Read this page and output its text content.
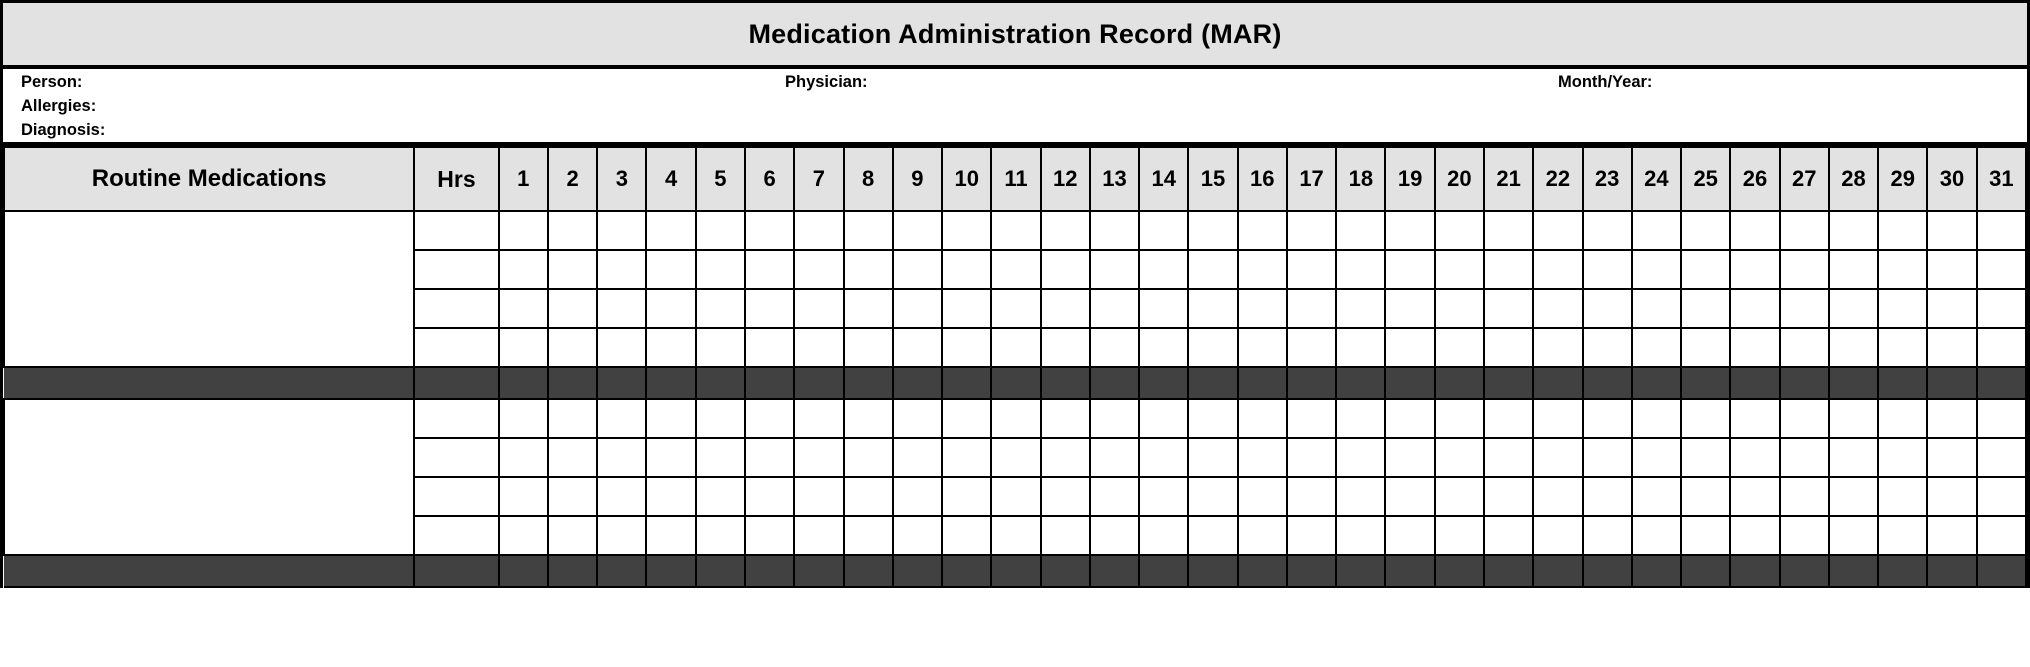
Medication Administration Record (MAR)
Person:	Physician:	Month/Year:
Allergies:
Diagnosis:
Routine Medications	Hrs	1	2	3	4	5	6	7	8	9	10	11	12	13	14	15	16	17	18	19	20	21	22	23	24	25	26	27	28	29	30	31
